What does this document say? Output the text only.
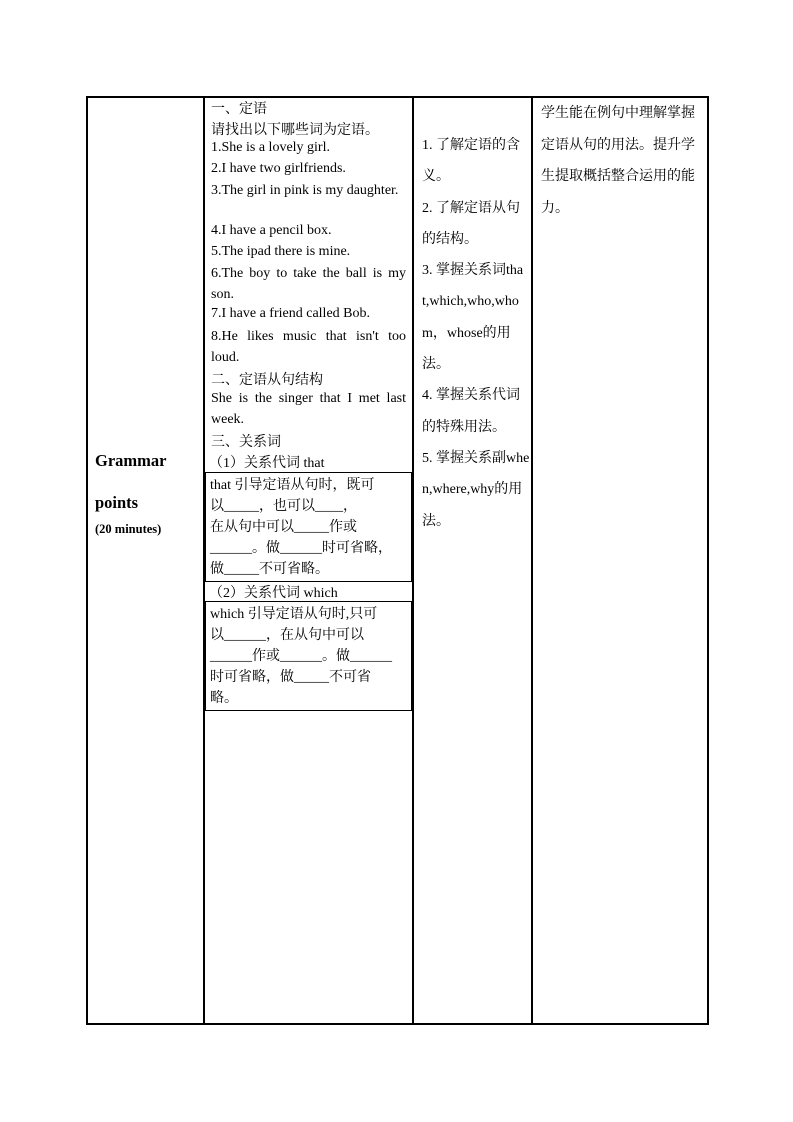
Grammar
points
(20 minutes)
一、定语
请找出以下哪些词为定语。
1.She is a lovely girl.
2.I have two girlfriends.
3.The girl in pink is my daughter.
4.I have a pencil box.
5.The ipad there is mine.
6.The boy to take the ball is my son.
7.I have a friend called Bob.
8.He likes music that isn't too loud.
二、定语从句结构
She is the singer that I met last week.
三、关系词
（1）关系代词 that

that 引导定语从句时，既可

以_____，也可以____，

在从句中可以_____作或

______。做______时可省略，

做_____不可省略。

（2）关系代词 which

which 引导定语从句时,只可

以______，在从句中可以

______作或______。做______

时可省略，做_____不可省

略。

1. 了解定语的含义。

2. 了解定语从句的结构。

3. 掌握关系词that,which,who,whom，whose的用法。

4. 掌握关系代词的特殊用法。

5. 掌握关系副when,where,why的用法。

学生能在例句中理解掌握定语从句的用法。提升学生提取概括整合运用的能力。
